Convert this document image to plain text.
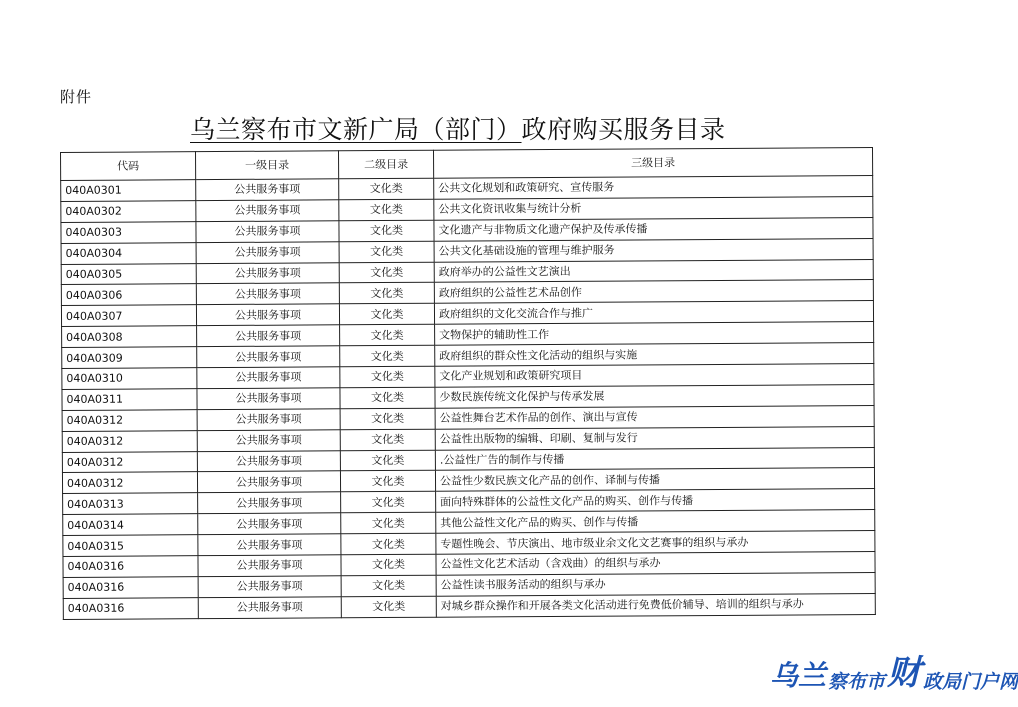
附件
乌兰察布市文新广局（部门）政府购买服务目录
代码	一级目录	二级目录	三级目录
040A0301	公共服务事项	文化类	公共文化规划和政策研究、宣传服务
040A0302	公共服务事项	文化类	公共文化资讯收集与统计分析
040A0303	公共服务事项	文化类	文化遗产与非物质文化遗产保护及传承传播
040A0304	公共服务事项	文化类	公共文化基础设施的管理与维护服务
040A0305	公共服务事项	文化类	政府举办的公益性文艺演出
040A0306	公共服务事项	文化类	政府组织的公益性艺术品创作
040A0307	公共服务事项	文化类	政府组织的文化交流合作与推广
040A0308	公共服务事项	文化类	文物保护的辅助性工作
040A0309	公共服务事项	文化类	政府组织的群众性文化活动的组织与实施
040A0310	公共服务事项	文化类	文化产业规划和政策研究项目
040A0311	公共服务事项	文化类	少数民族传统文化保护与传承发展
040A0312	公共服务事项	文化类	公益性舞台艺术作品的创作、演出与宣传
040A0312	公共服务事项	文化类	公益性出版物的编辑、印刷、复制与发行
040A0312	公共服务事项	文化类	.公益性广告的制作与传播
040A0312	公共服务事项	文化类	公益性少数民族文化产品的创作、译制与传播
040A0313	公共服务事项	文化类	面向特殊群体的公益性文化产品的购买、创作与传播
040A0314	公共服务事项	文化类	其他公益性文化产品的购买、创作与传播
040A0315	公共服务事项	文化类	专题性晚会、节庆演出、地市级业余文化文艺赛事的组织与承办
040A0316	公共服务事项	文化类	公益性文化艺术活动（含戏曲）的组织与承办
040A0316	公共服务事项	文化类	公益性读书服务活动的组织与承办
040A0316	公共服务事项	文化类	对城乡群众操作和开展各类文化活动进行免费低价辅导、培训的组织与承办
乌兰 察布市 财 政局门户网
